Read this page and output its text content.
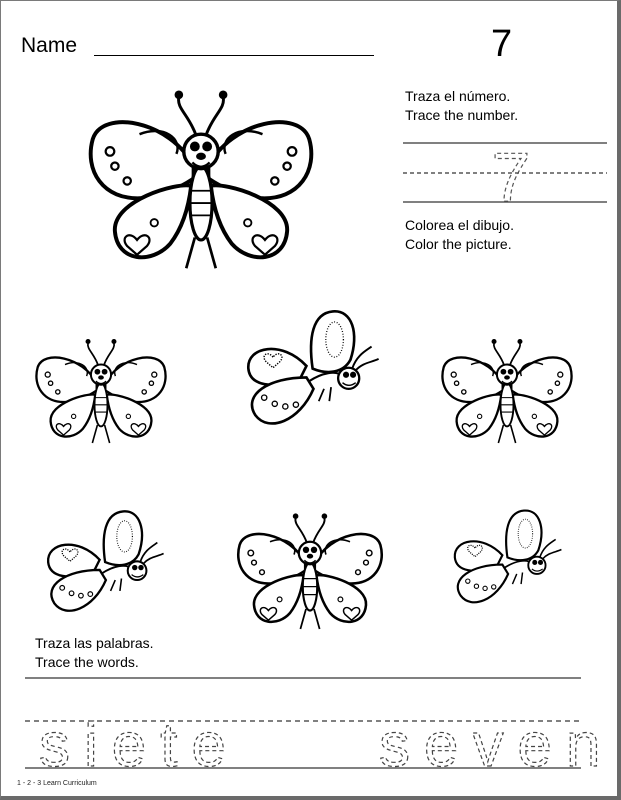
Name	7
Traza el número.
Trace the number.
7
Colorea el dibujo.
Color the picture.
Traza las palabras.
Trace the words.
siete seven
1 - 2 - 3 Learn Curriculum
